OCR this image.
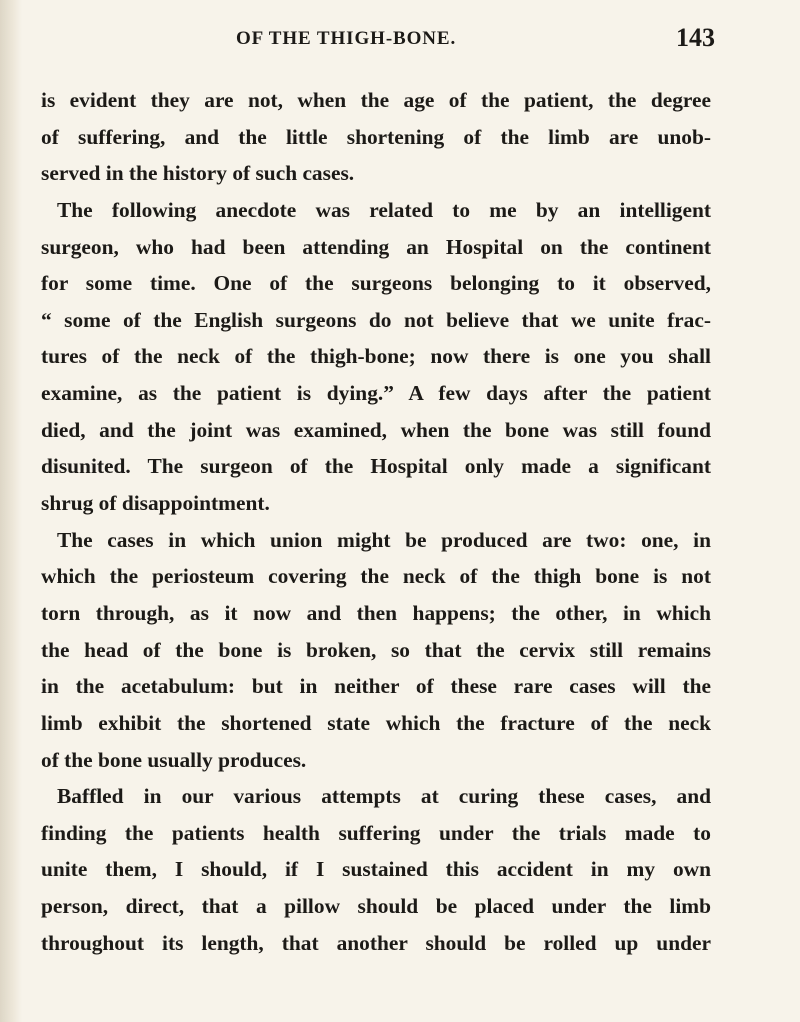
OF THE THIGH-BONE.	143
is evident they are not, when the age of the patient, the degree
of suffering, and the little shortening of the limb are unob-
served in the history of such cases.
The following anecdote was related to me by an intelligent
surgeon, who had been attending an Hospital on the continent
for some time. One of the surgeons belonging to it observed,
“ some of the English surgeons do not believe that we unite frac-
tures of the neck of the thigh-bone; now there is one you shall
examine, as the patient is dying.” A few days after the patient
died, and the joint was examined, when the bone was still found
disunited. The surgeon of the Hospital only made a significant
shrug of disappointment.
The cases in which union might be produced are two: one, in
which the periosteum covering the neck of the thigh bone is not
torn through, as it now and then happens; the other, in which
the head of the bone is broken, so that the cervix still remains
in the acetabulum: but in neither of these rare cases will the
limb exhibit the shortened state which the fracture of the neck
of the bone usually produces.
Baffled in our various attempts at curing these cases, and
finding the patients health suffering under the trials made to
unite them, I should, if I sustained this accident in my own
person, direct, that a pillow should be placed under the limb
throughout its length, that another should be rolled up under
